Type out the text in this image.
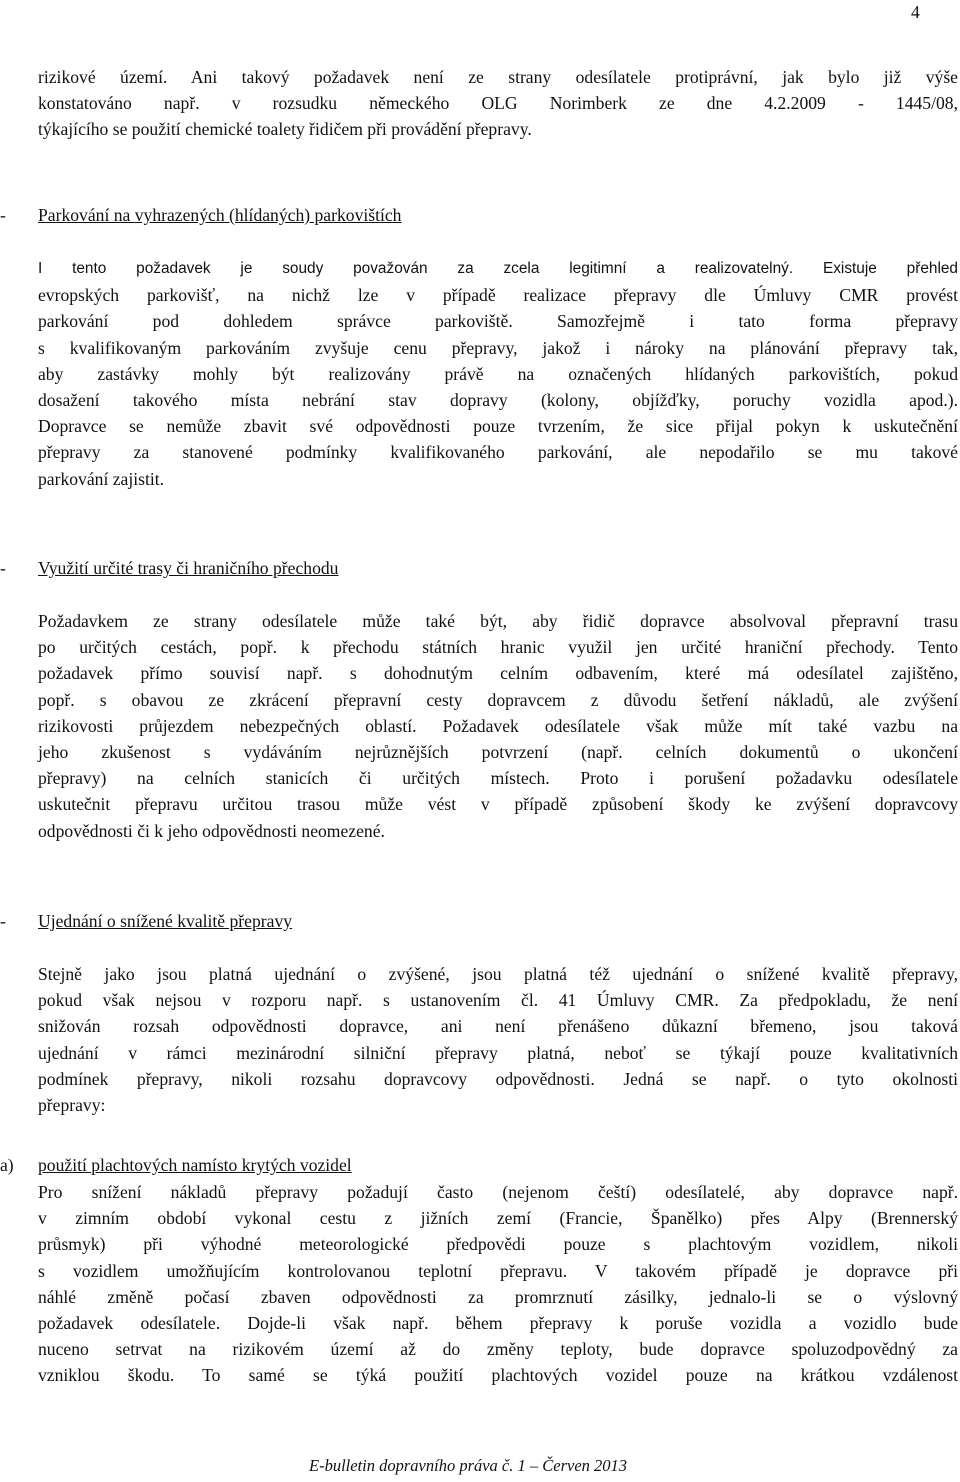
4
rizikové území. Ani takový požadavek není ze strany odesílatele protiprávní, jak bylo již výše
konstatováno např. v rozsudku německého OLG Norimberk ze dne 4.2.2009 - 1445/08,
týkajícího se použití chemické toalety řidičem při provádění přepravy.
-	Parkování na vyhrazených (hlídaných) parkovištích
I tento požadavek je soudy považován za zcela legitimní a realizovatelný. Existuje přehled
evropských parkovišť, na nichž lze v případě realizace přepravy dle Úmluvy CMR provést
parkování pod dohledem správce parkoviště. Samozřejmě i tato forma přepravy
s kvalifikovaným parkováním zvyšuje cenu přepravy, jakož i nároky na plánování přepravy tak,
aby zastávky mohly být realizovány právě na označených hlídaných parkovištích, pokud
dosažení takového místa nebrání stav dopravy (kolony, objížďky, poruchy vozidla apod.).
Dopravce se nemůže zbavit své odpovědnosti pouze tvrzením, že sice přijal pokyn k uskutečnění
přepravy za stanovené podmínky kvalifikovaného parkování, ale nepodařilo se mu takové
parkování zajistit.
-	Využití určité trasy či hraničního přechodu
Požadavkem ze strany odesílatele může také být, aby řidič dopravce absolvoval přepravní trasu
po určitých cestách, popř. k přechodu státních hranic využil jen určité hraniční přechody. Tento
požadavek přímo souvisí např. s dohodnutým celním odbavením, které má odesílatel zajištěno,
popř. s obavou ze zkrácení přepravní cesty dopravcem z důvodu šetření nákladů, ale zvýšení
rizikovosti průjezdem nebezpečných oblastí. Požadavek odesílatele však může mít také vazbu na
jeho zkušenost s vydáváním nejrůznějších potvrzení (např. celních dokumentů o ukončení
přepravy) na celních stanicích či určitých místech. Proto i porušení požadavku odesílatele
uskutečnit přepravu určitou trasou může vést v případě způsobení škody ke zvýšení dopravcovy
odpovědnosti či k jeho odpovědnosti neomezené.
-	Ujednání o snížené kvalitě přepravy
Stejně jako jsou platná ujednání o zvýšené, jsou platná též ujednání o snížené kvalitě přepravy,
pokud však nejsou v rozporu např. s ustanovením čl. 41 Úmluvy CMR. Za předpokladu, že není
snižován rozsah odpovědnosti dopravce, ani není přenášeno důkazní břemeno, jsou taková
ujednání v rámci mezinárodní silniční přepravy platná, neboť se týkají pouze kvalitativních
podmínek přepravy, nikoli rozsahu dopravcovy odpovědnosti. Jedná se např. o tyto okolnosti
přepravy:
a)	použití plachtových namísto krytých vozidel
Pro snížení nákladů přepravy požadují často (nejenom čeští) odesílatelé, aby dopravce např.
v zimním období vykonal cestu z jižních zemí (Francie, Španělko) přes Alpy (Brennerský
průsmyk) při výhodné meteorologické předpovědi pouze s plachtovým vozidlem, nikoli
s vozidlem umožňujícím kontrolovanou teplotní přepravu. V takovém případě je dopravce při
náhlé změně počasí zbaven odpovědnosti za promrznutí zásilky, jednalo-li se o výslovný
požadavek odesílatele. Dojde-li však např. během přepravy k poruše vozidla a vozidlo bude
nuceno setrvat na rizikovém území až do změny teploty, bude dopravce spoluzodpovědný za
vzniklou škodu. To samé se týká použití plachtových vozidel pouze na krátkou vzdálenost
E-bulletin dopravního práva č. 1 – Červen 2013
